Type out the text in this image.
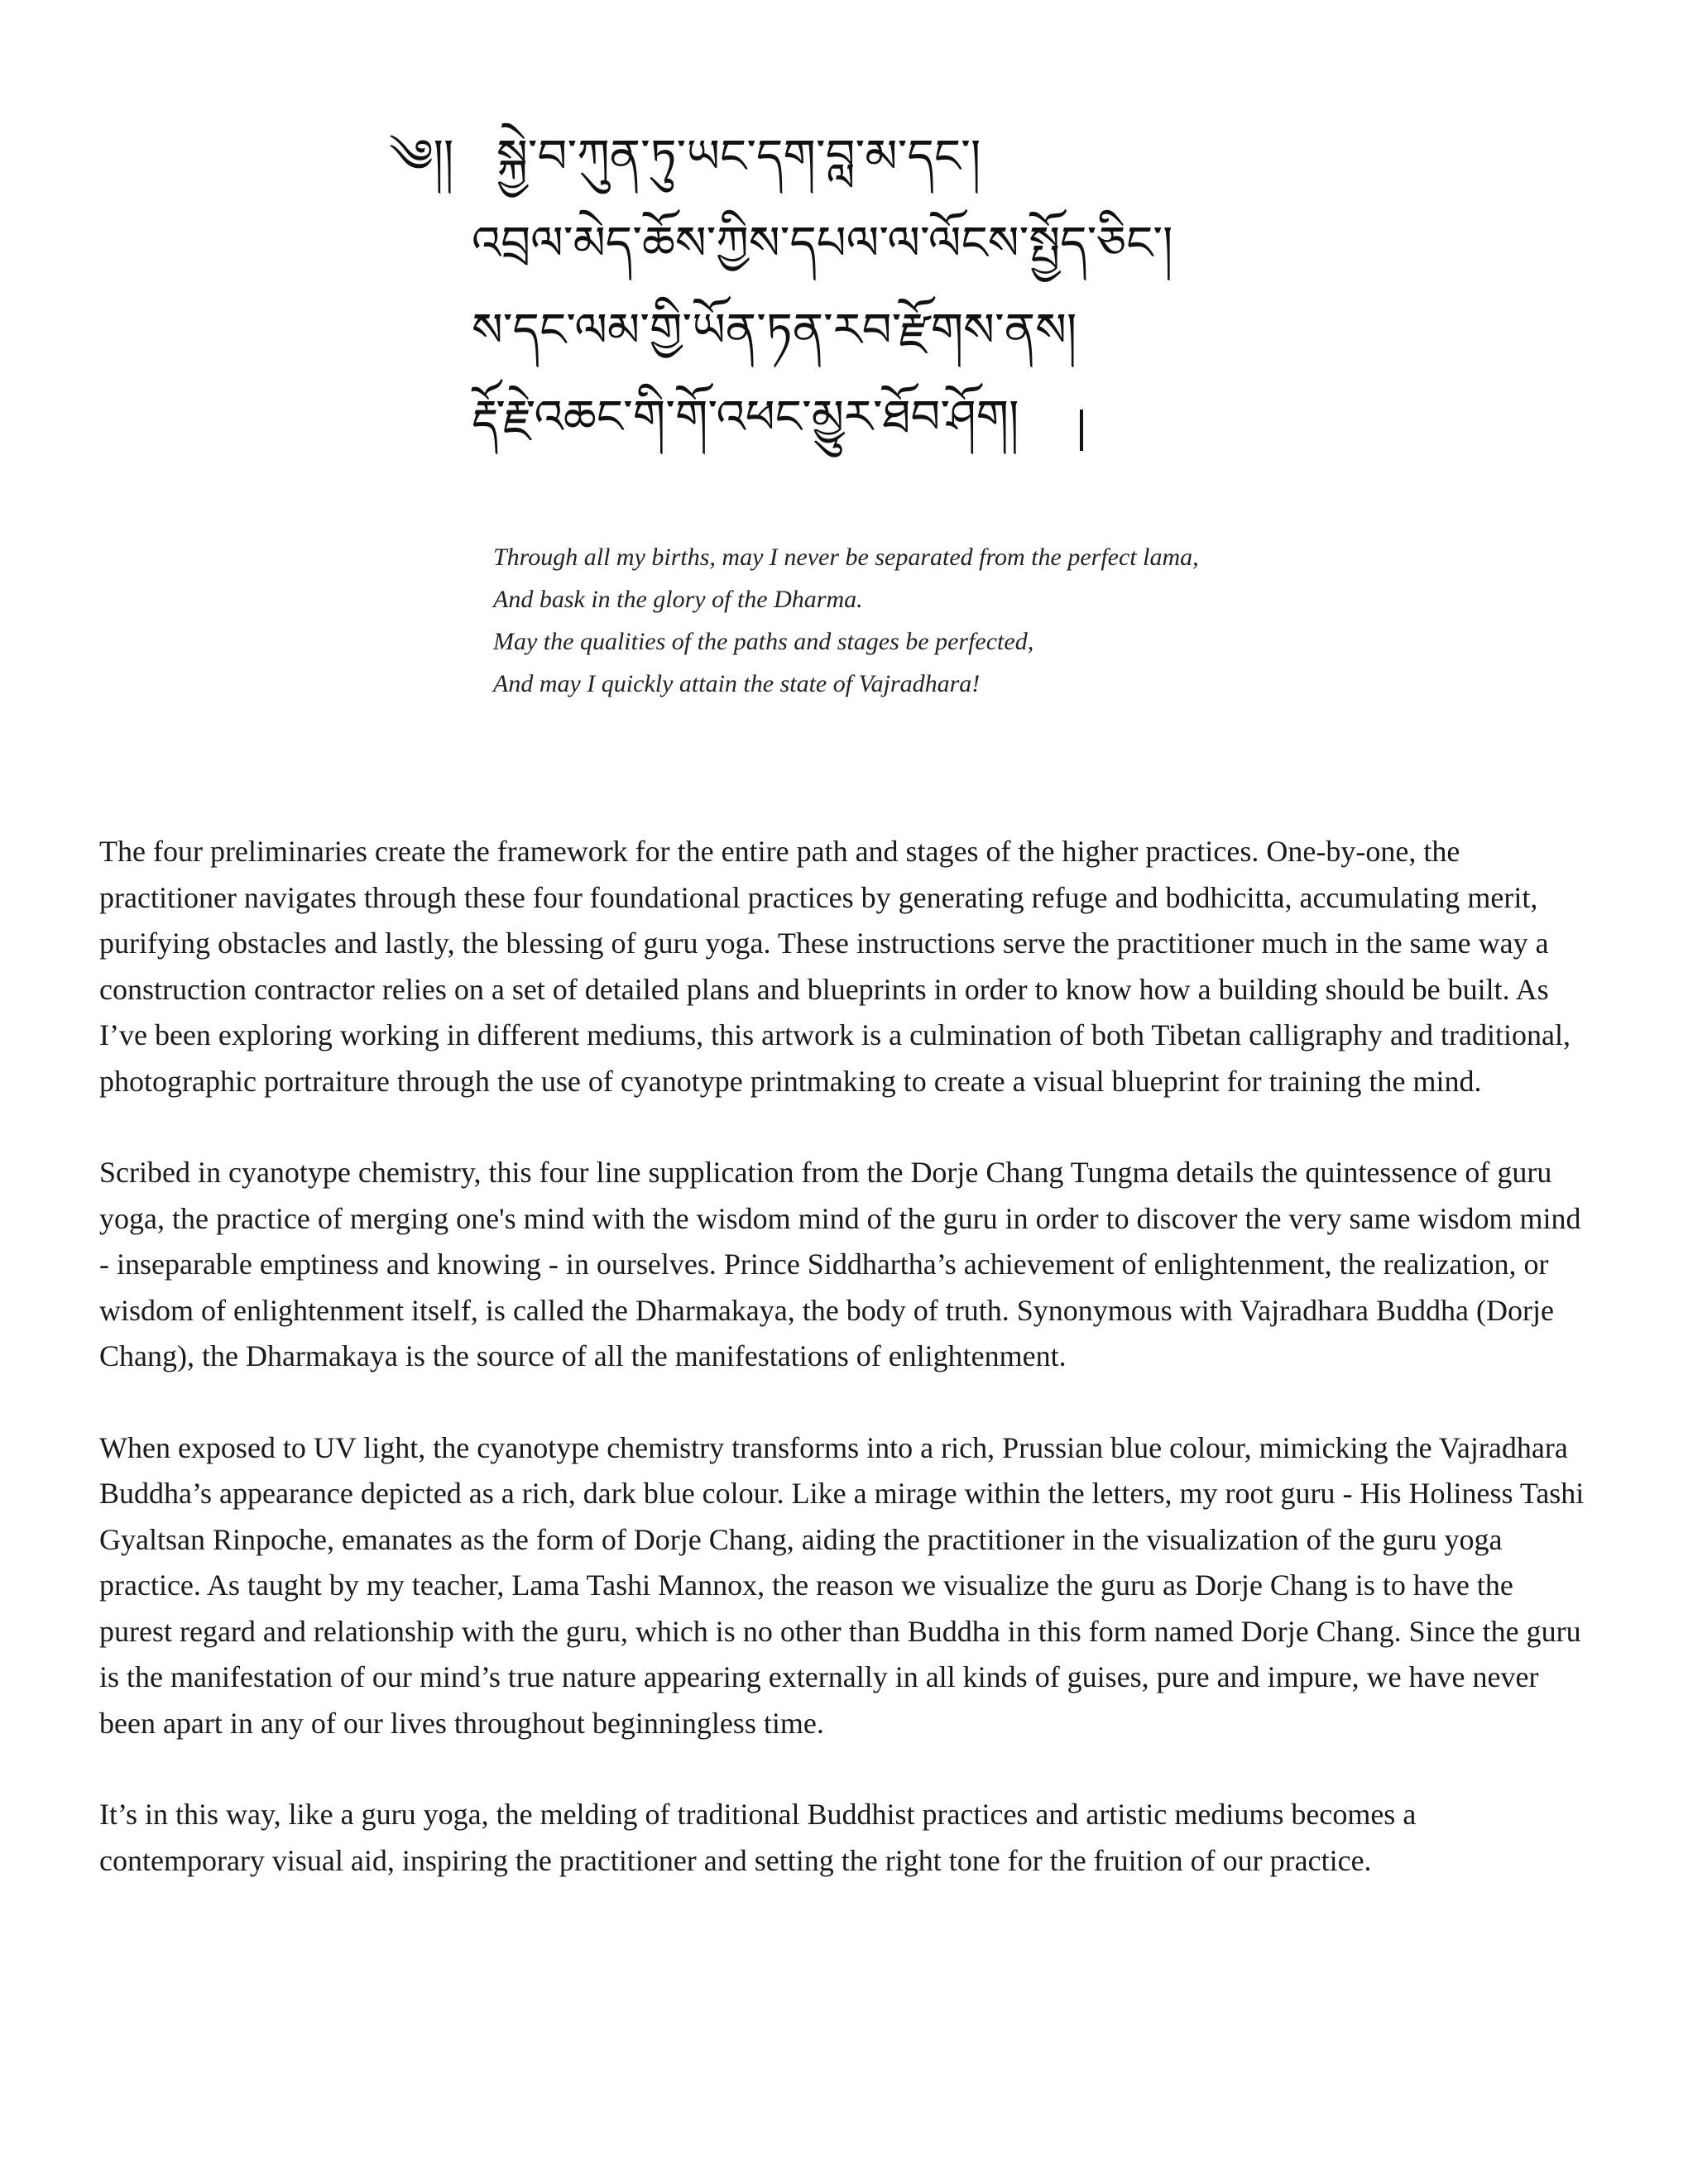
༄།། སྐྱེ་བ་ཀུན་ཏུ་ཡང་དག་བླ་མ་དང་།
འབྲལ་མེད་ཆོས་ཀྱིས་དཔལ་ལ་ལོངས་སྤྱོད་ཅིང་།
ས་དང་ལམ་གྱི་ཡོན་ཏན་རབ་རྫོགས་ནས།
རྡོ་རྗེ་འཆང་གི་གོ་འཕང་མྱུར་ཐོབ་ཤོག།
Through all my births, may I never be separated from the perfect lama,
And bask in the glory of the Dharma.
May the qualities of the paths and stages be perfected,
And may I quickly attain the state of Vajradhara!

The four preliminaries create the framework for the entire path and stages of the higher practices. One-by-one, the practitioner navigates through these four foundational practices by generating refuge and bodhicitta, accumulating merit, purifying obstacles and lastly, the blessing of guru yoga. These instructions serve the practitioner much in the same way a construction contractor relies on a set of detailed plans and blueprints in order to know how a building should be built. As I’ve been exploring working in different mediums, this artwork is a culmination of both Tibetan calligraphy and traditional, photographic portraiture through the use of cyanotype printmaking to create a visual blueprint for training the mind.

Scribed in cyanotype chemistry, this four line supplication from the Dorje Chang Tungma details the quintessence of guru yoga, the practice of merging one's mind with the wisdom mind of the guru in order to discover the very same wisdom mind - inseparable emptiness and knowing - in ourselves. Prince Siddhartha’s achievement of enlightenment, the realization, or wisdom of enlightenment itself, is called the Dharmakaya, the body of truth. Synonymous with Vajradhara Buddha (Dorje Chang), the Dharmakaya is the source of all the manifestations of enlightenment.

When exposed to UV light, the cyanotype chemistry transforms into a rich, Prussian blue colour, mimicking the Vajradhara Buddha’s appearance depicted as a rich, dark blue colour. Like a mirage within the letters, my root guru - His Holiness Tashi Gyaltsan Rinpoche, emanates as the form of Dorje Chang, aiding the practitioner in the visualization of the guru yoga practice. As taught by my teacher, Lama Tashi Mannox, the reason we visualize the guru as Dorje Chang is to have the purest regard and relationship with the guru, which is no other than Buddha in this form named Dorje Chang. Since the guru is the manifestation of our mind’s true nature appearing externally in all kinds of guises, pure and impure, we have never been apart in any of our lives throughout beginningless time.

It’s in this way, like a guru yoga, the melding of traditional Buddhist practices and artistic mediums becomes a contemporary visual aid, inspiring the practitioner and setting the right tone for the fruition of our practice.
